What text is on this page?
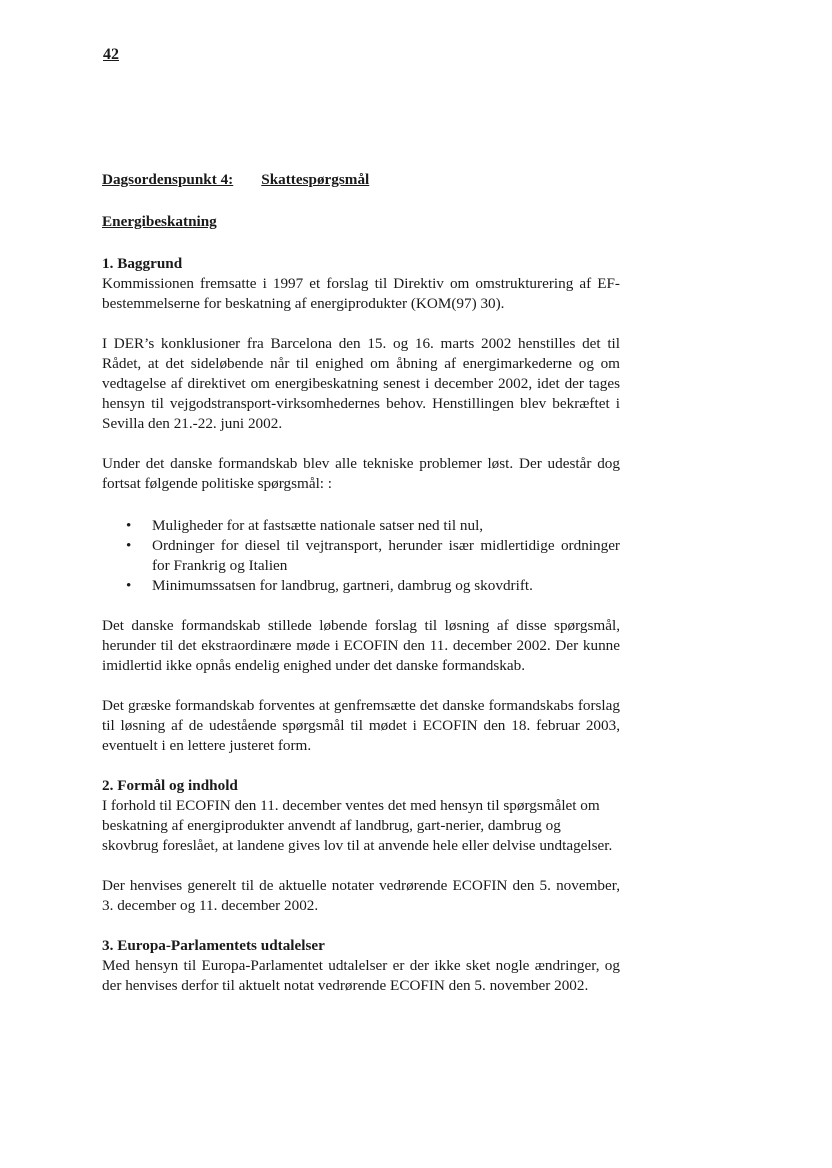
42
Dagsordenspunkt 4: Skattespørgsmål
Energibeskatning
1. Baggrund

Kommissionen fremsatte i 1997 et forslag til Direktiv om omstrukturering af EF-bestemmelserne for beskatning af energiprodukter (KOM(97) 30).

I DER’s konklusioner fra Barcelona den 15. og 16. marts 2002 henstilles det til Rådet, at det sideløbende når til enighed om åbning af energimarkederne og om vedtagelse af direktivet om energibeskatning senest i december 2002, idet der tages hensyn til vejgodstransport-virksomhedernes behov. Henstillingen blev bekræftet i Sevilla den 21.-22. juni 2002.

Under det danske formandskab blev alle tekniske problemer løst. Der udestår dog fortsat følgende politiske spørgsmål: :

• Muligheder for at fastsætte nationale satser ned til nul,
• Ordninger for diesel til vejtransport, herunder især midlertidige ordninger for Frankrig og Italien
• Minimumssatsen for landbrug, gartneri, dambrug og skovdrift.

Det danske formandskab stillede løbende forslag til løsning af disse spørgsmål, herunder til det ekstraordinære møde i ECOFIN den 11. december 2002. Der kunne imidlertid ikke opnås endelig enighed under det danske formandskab.

Det græske formandskab forventes at genfremsætte det danske formandskabs forslag til løsning af de udestående spørgsmål til mødet i ECOFIN den 18. februar 2003, eventuelt i en lettere justeret form.

2. Formål og indhold

I forhold til ECOFIN den 11. december ventes det med hensyn til spørgsmålet om beskatning af energiprodukter anvendt af landbrug, gart-nerier, dambrug og skovbrug foreslået, at landene gives lov til at anvende hele eller delvise undtagelser.

Der henvises generelt til de aktuelle notater vedrørende ECOFIN den 5. november, 3. december og 11. december 2002.

3. Europa-Parlamentets udtalelser

Med hensyn til Europa-Parlamentet udtalelser er der ikke sket nogle ændringer, og der henvises derfor til aktuelt notat vedrørende ECOFIN den 5. november 2002.
